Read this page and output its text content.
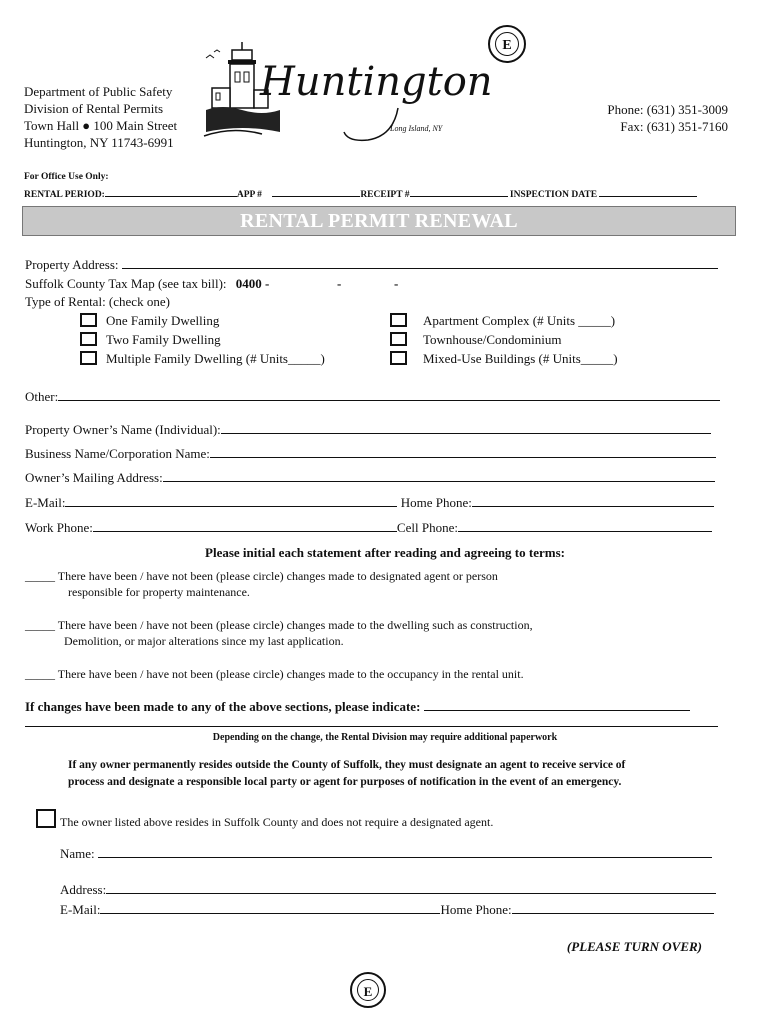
Department of Public Safety
Division of Rental Permits
Town Hall ● 100 Main Street
Huntington, NY 11743-6991
Huntington
Long Island, NY
E
Phone: (631) 351-3009
Fax: (631) 351-7160
For Office Use Only:
RENTAL PERIOD:	APP #	RECEIPT #	INSPECTION DATE
RENTAL PERMIT RENEWAL
Property Address:
Suffolk County Tax Map (see tax bill): 0400 -	-	-
Type of Rental: (check one)
One Family Dwelling
Two Family Dwelling
Multiple Family Dwelling (# Units_____)
Apartment Complex (# Units _____)
Townhouse/Condominium
Mixed-Use Buildings (# Units_____)
Other:
Property Owner’s Name (Individual):
Business Name/Corporation Name:
Owner’s Mailing Address:
E-Mail:	Home Phone:
Work Phone:	Cell Phone:
Please initial each statement after reading and agreeing to terms:
_____ There have been / have not been (please circle) changes made to designated agent or person
responsible for property maintenance.
_____ There have been / have not been (please circle) changes made to the dwelling such as construction,
Demolition, or major alterations since my last application.
_____ There have been / have not been (please circle) changes made to the occupancy in the rental unit.
If changes have been made to any of the above sections, please indicate:
Depending on the change, the Rental Division may require additional paperwork
If any owner permanently resides outside the County of Suffolk, they must designate an agent to receive service of
process and designate a responsible local party or agent for purposes of notification in the event of an emergency.
The owner listed above resides in Suffolk County and does not require a designated agent.
Name:
Address:
E-Mail:	Home Phone:
(PLEASE TURN OVER)
E
